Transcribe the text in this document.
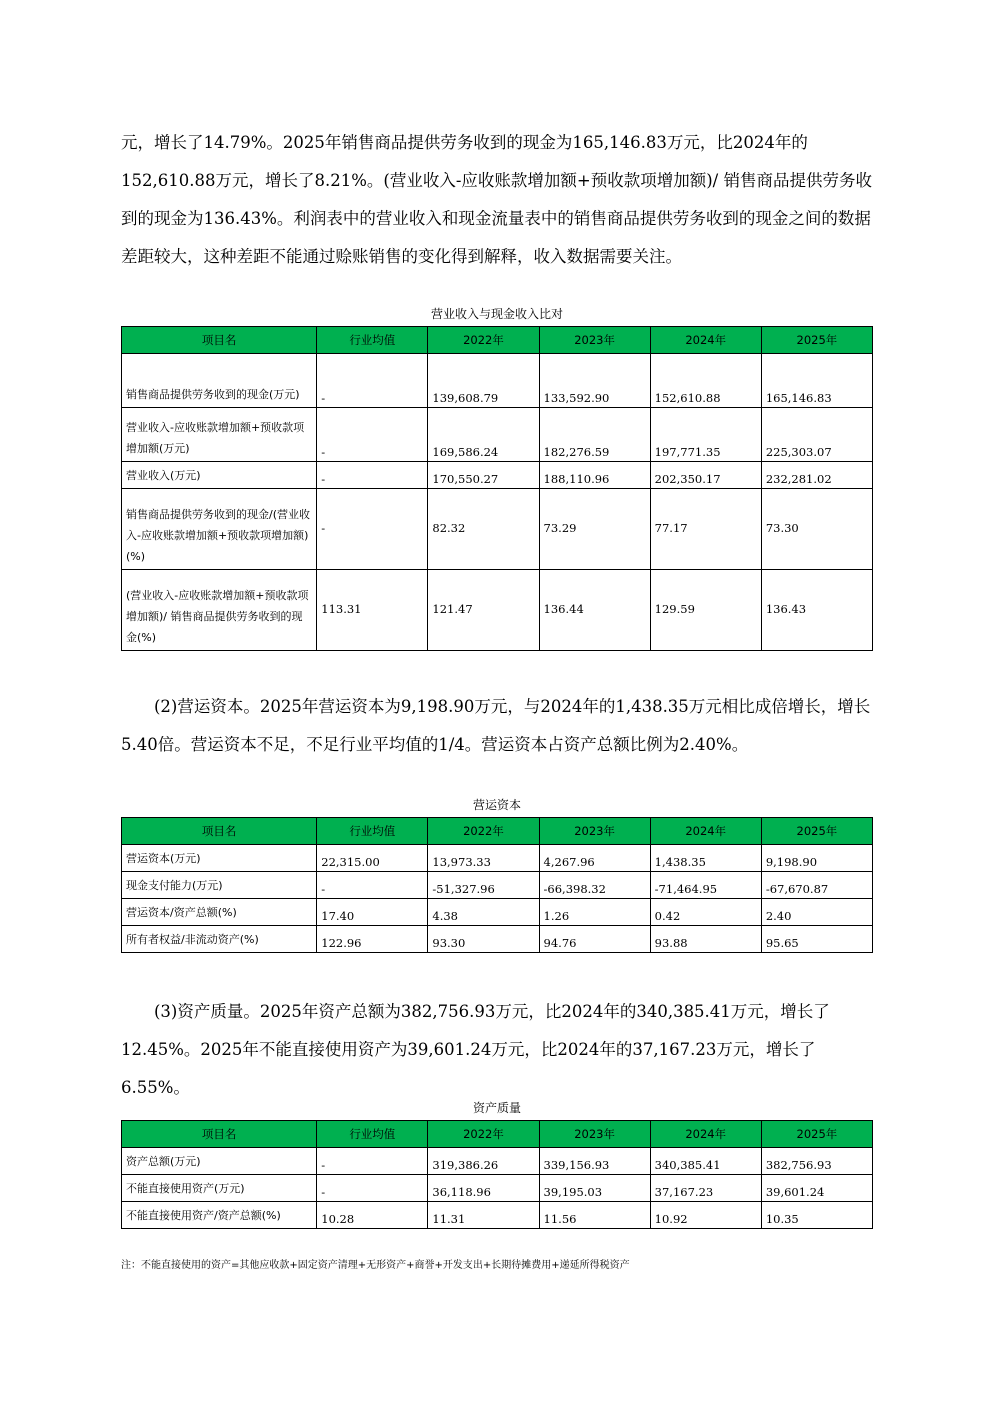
元，增长了14.79%。2025年销售商品提供劳务收到的现金为165,146.83万元，比2024年的152,610.88万元，增长了8.21%。(营业收入-应收账款增加额+预收款项增加额)/ 销售商品提供劳务收到的现金为136.43%。利润表中的营业收入和现金流量表中的销售商品提供劳务收到的现金之间的数据差距较大，这种差距不能通过赊账销售的变化得到解释，收入数据需要关注。

营业收入与现金收入比对
项目名	行业均值	2022年	2023年	2024年	2025年
销售商品提供劳务收到的现金(万元)	-	139,608.79	133,592.90	152,610.88	165,146.83
营业收入-应收账款增加额+预收款项增加额(万元)	-	169,586.24	182,276.59	197,771.35	225,303.07
营业收入(万元)	-	170,550.27	188,110.96	202,350.17	232,281.02
销售商品提供劳务收到的现金/(营业收入-应收账款增加额+预收款项增加额)(%)	-	82.32	73.29	77.17	73.30
(营业收入-应收账款增加额+预收款项增加额)/ 销售商品提供劳务收到的现金(%)	113.31	121.47	136.44	129.59	136.43

(2)营运资本。2025年营运资本为9,198.90万元，与2024年的1,438.35万元相比成倍增长，增长5.40倍。营运资本不足，不足行业平均值的1/4。营运资本占资产总额比例为2.40%。

营运资本
项目名	行业均值	2022年	2023年	2024年	2025年
营运资本(万元)	22,315.00	13,973.33	4,267.96	1,438.35	9,198.90
现金支付能力(万元)	-	-51,327.96	-66,398.32	-71,464.95	-67,670.87
营运资本/资产总额(%)	17.40	4.38	1.26	0.42	2.40
所有者权益/非流动资产(%)	122.96	93.30	94.76	93.88	95.65

(3)资产质量。2025年资产总额为382,756.93万元，比2024年的340,385.41万元，增长了12.45%。2025年不能直接使用资产为39,601.24万元，比2024年的37,167.23万元，增长了6.55%。

资产质量
项目名	行业均值	2022年	2023年	2024年	2025年
资产总额(万元)	-	319,386.26	339,156.93	340,385.41	382,756.93
不能直接使用资产(万元)	-	36,118.96	39,195.03	37,167.23	39,601.24
不能直接使用资产/资产总额(%)	10.28	11.31	11.56	10.92	10.35
注：不能直接使用的资产=其他应收款+固定资产清理+无形资产+商誉+开发支出+长期待摊费用+递延所得税资产
